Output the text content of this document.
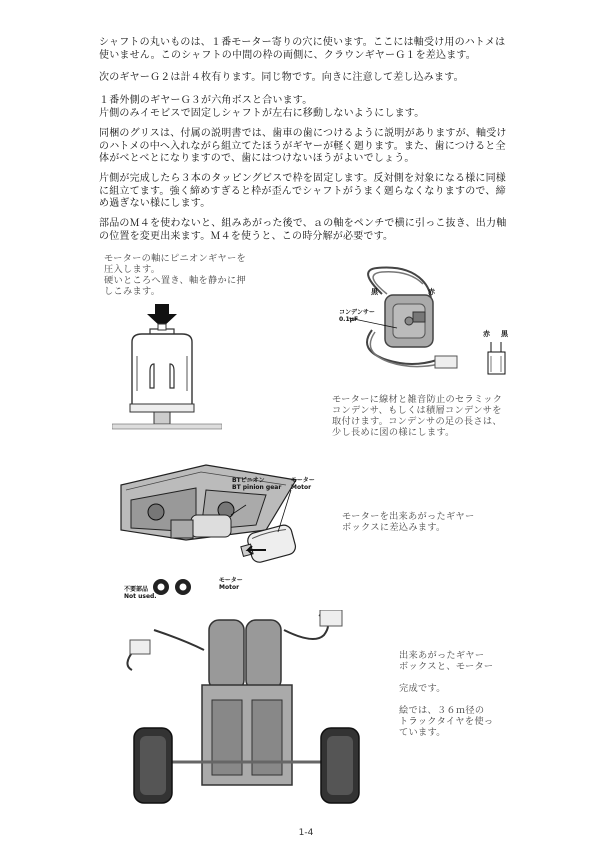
シャフトの丸いものは、１番モーター寄りの穴に使います。ここには軸受け用のハトメは
使いません。このシャフトの中間の枠の両側に、クラウンギヤーＧ１を差込ます。
次のギヤーＧ２は計４枚有ります。同じ物です。向きに注意して差し込みます。
１番外側のギヤーＧ３が六角ボスと合います。
片側のみイモビスで固定しシャフトが左右に移動しないようにします。
同梱のグリスは、付属の説明書では、歯車の歯につけるように説明がありますが、軸受け
のハトメの中へ入れながら組立てたほうがギヤーが軽く廻ります。また、歯につけると全
体がべとべとになりますので、歯にはつけないほうがよいでしょう。
片側が完成したら３本のタッピングビスで枠を固定します。反対側を対象になる様に同様
に組立てます。強く締めすぎると枠が歪んでシャフトがうまく廻らなくなりますので、締
め過ぎない様にします。
部品のＭ４を使わないと、組みあがった後で、ａの軸をペンチで横に引っこ抜き、出力軸
の位置を変更出来ます。Ｍ４を使うと、この時分解が必要です。
モーターの軸にピニオンギヤーを
圧入します。
硬いところへ置き、軸を静かに押
しこみます。	黒	赤
コンデンサー
0.1μF
赤 黒
モーターに線材と雑音防止のセラミック
コンデンサ、もしくは積層コンデンサを
取付けます。コンデンサの足の長さは、
少し長めに図の様にします。
BTピニオン
BT pinion gear
モーター
Motor
モーター
Motor
不要部品
Not used.
モーターを出来あがったギヤー
ボックスに差込みます。
出来あがったギヤー
ボックスと、モーター

完成です。

絵では、３６ｍ径の
トラックタイヤを使っ
ています。
1-4
